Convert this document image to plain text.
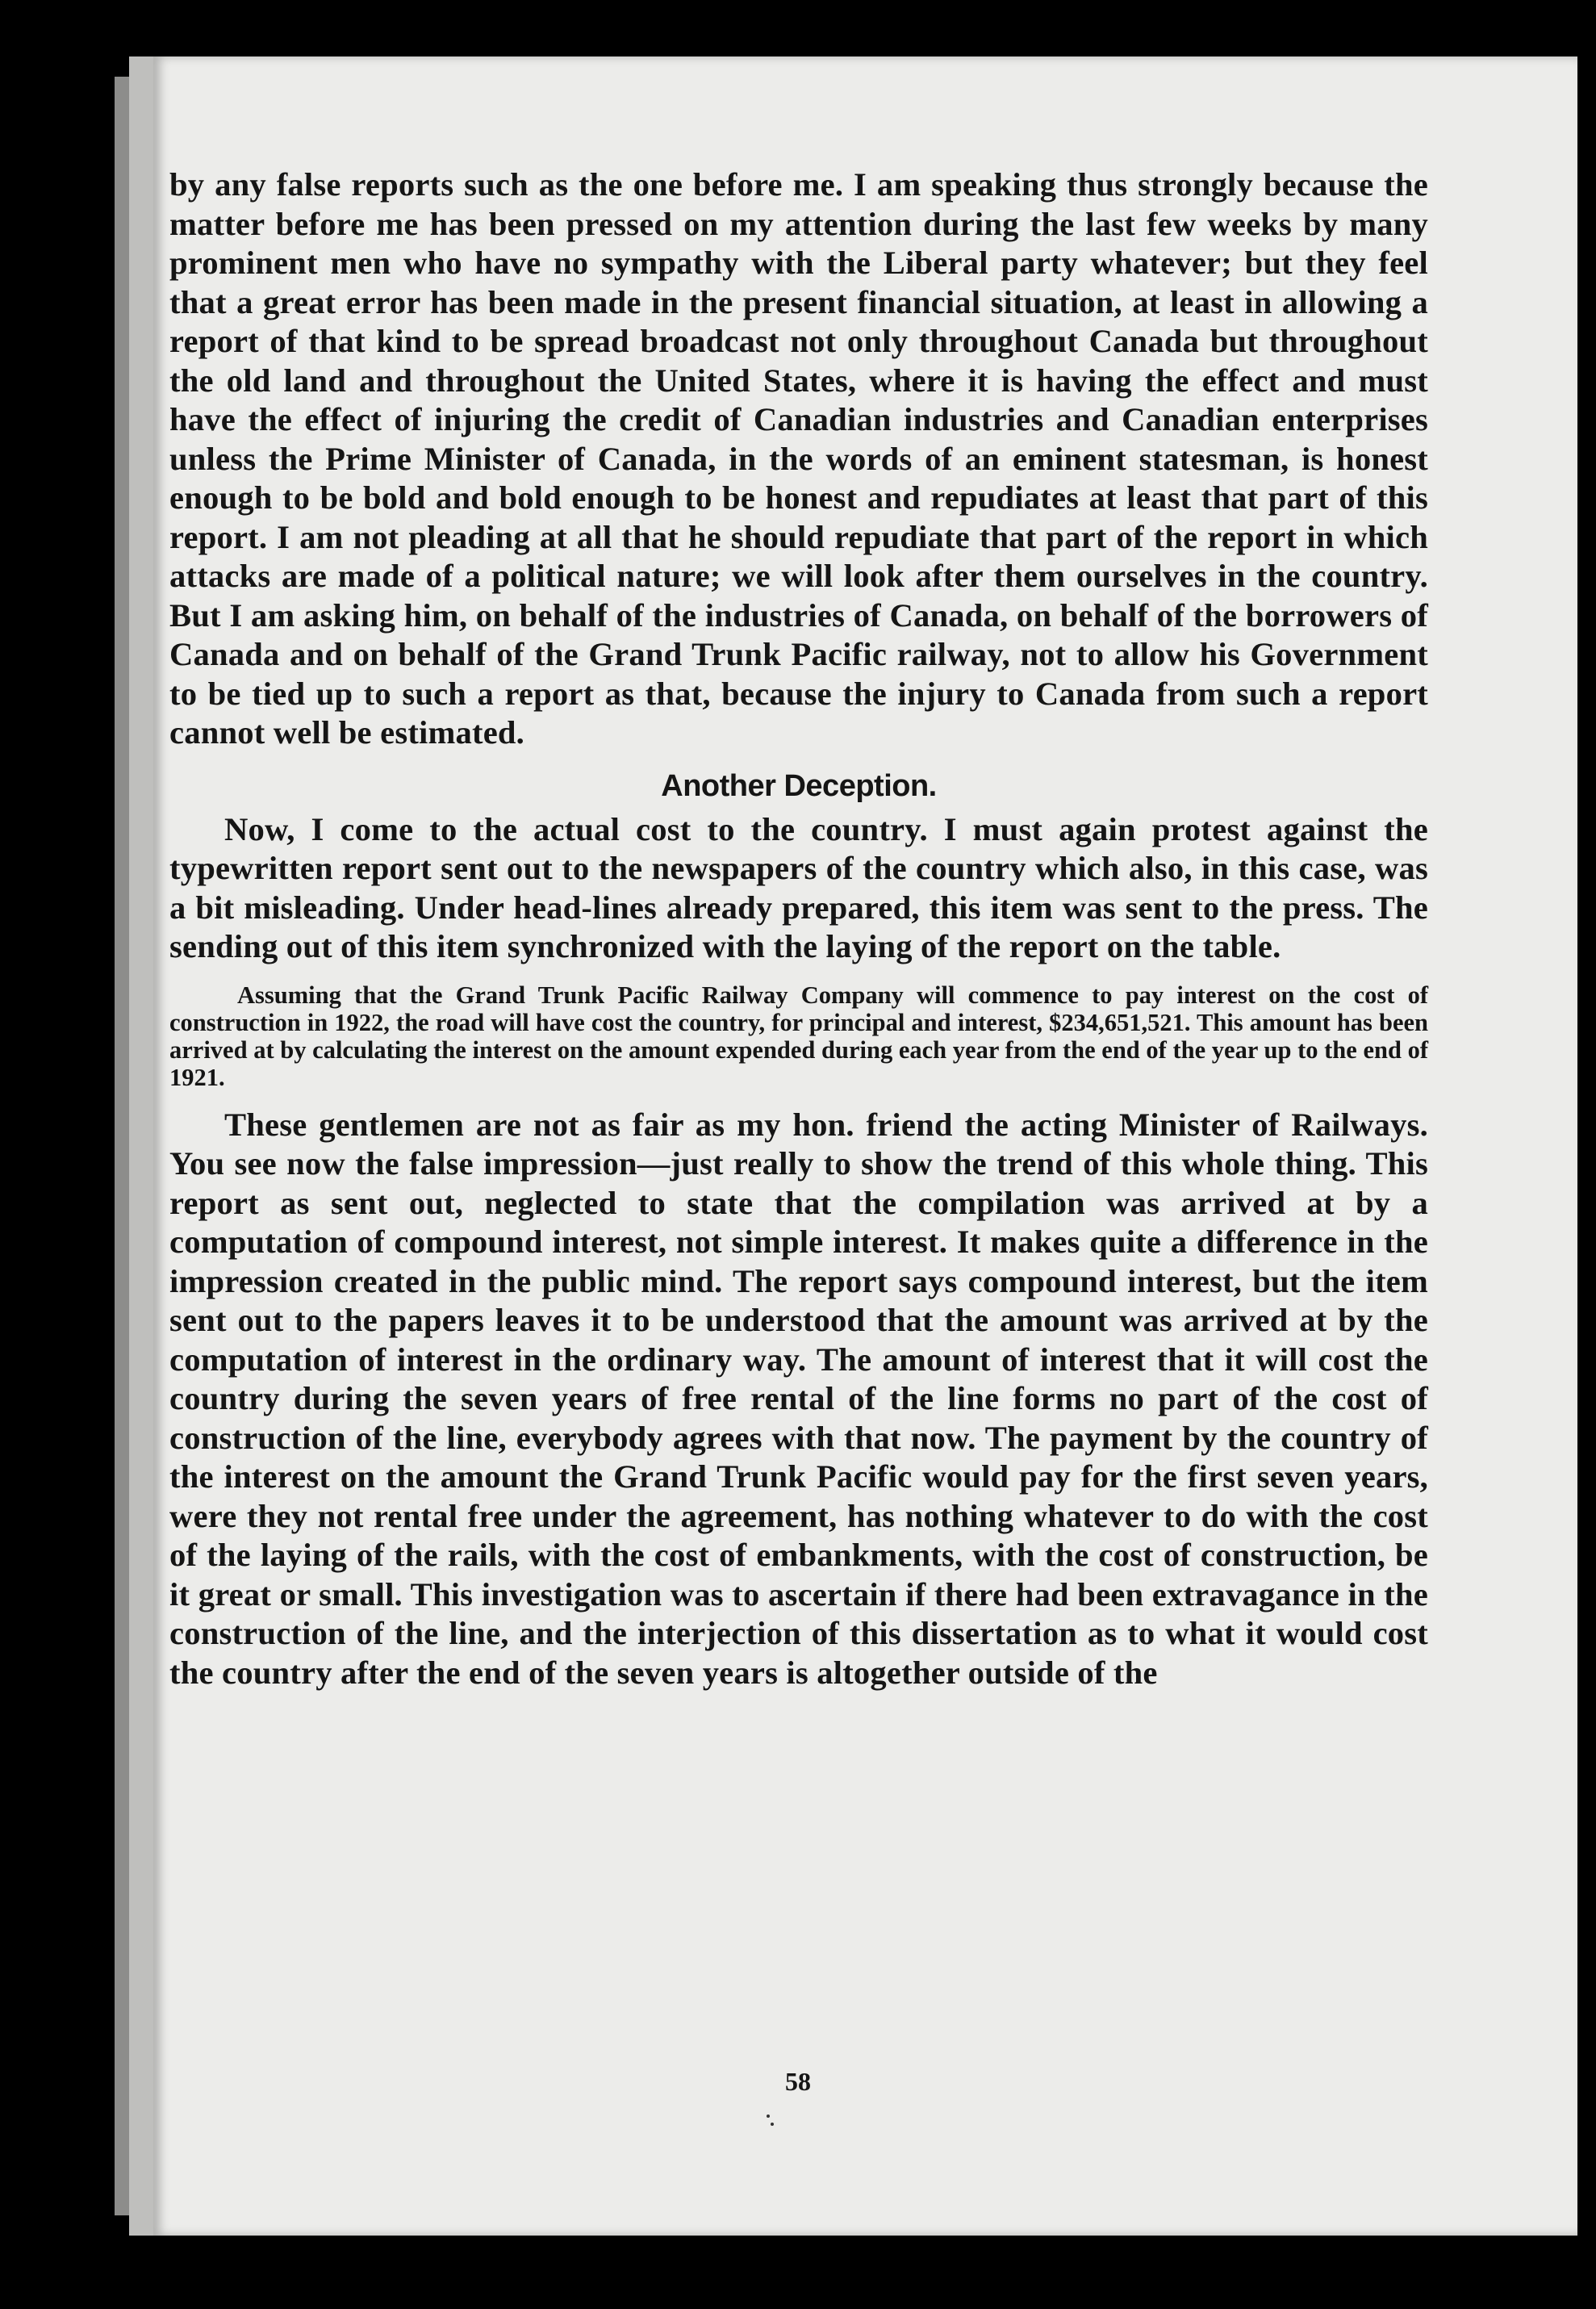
by any false reports such as the one before me. I am speaking thus strongly because the matter before me has been pressed on my attention during the last few weeks by many prominent men who have no sympathy with the Liberal party whatever; but they feel that a great error has been made in the present financial situation, at least in allowing a report of that kind to be spread broadcast not only throughout Canada but throughout the old land and throughout the United States, where it is having the effect and must have the effect of injuring the credit of Canadian industries and Canadian enterprises unless the Prime Minister of Canada, in the words of an eminent statesman, is honest enough to be bold and bold enough to be honest and repudiates at least that part of this report. I am not pleading at all that he should repudiate that part of the report in which attacks are made of a political nature; we will look after them ourselves in the country. But I am asking him, on behalf of the industries of Canada, on behalf of the borrowers of Canada and on behalf of the Grand Trunk Pacific railway, not to allow his Government to be tied up to such a report as that, because the injury to Canada from such a report cannot well be estimated.

Another Deception.

Now, I come to the actual cost to the country. I must again protest against the typewritten report sent out to the newspapers of the country which also, in this case, was a bit misleading. Under head-lines already prepared, this item was sent to the press. The sending out of this item synchronized with the laying of the report on the table.

Assuming that the Grand Trunk Pacific Railway Company will commence to pay interest on the cost of construction in 1922, the road will have cost the country, for principal and interest, $234,651,521. This amount has been arrived at by calculating the interest on the amount expended during each year from the end of the year up to the end of 1921.

These gentlemen are not as fair as my hon. friend the acting Minister of Railways. You see now the false impression—just really to show the trend of this whole thing. This report as sent out, neglected to state that the compilation was arrived at by a computation of compound interest, not simple interest. It makes quite a difference in the impression created in the public mind. The report says compound interest, but the item sent out to the papers leaves it to be understood that the amount was arrived at by the computation of interest in the ordinary way. The amount of interest that it will cost the country during the seven years of free rental of the line forms no part of the cost of construction of the line, everybody agrees with that now. The payment by the country of the interest on the amount the Grand Trunk Pacific would pay for the first seven years, were they not rental free under the agreement, has nothing whatever to do with the cost of the laying of the rails, with the cost of embankments, with the cost of construction, be it great or small. This investigation was to ascertain if there had been extravagance in the construction of the line, and the interjection of this dissertation as to what it would cost the country after the end of the seven years is altogether outside of the

58
